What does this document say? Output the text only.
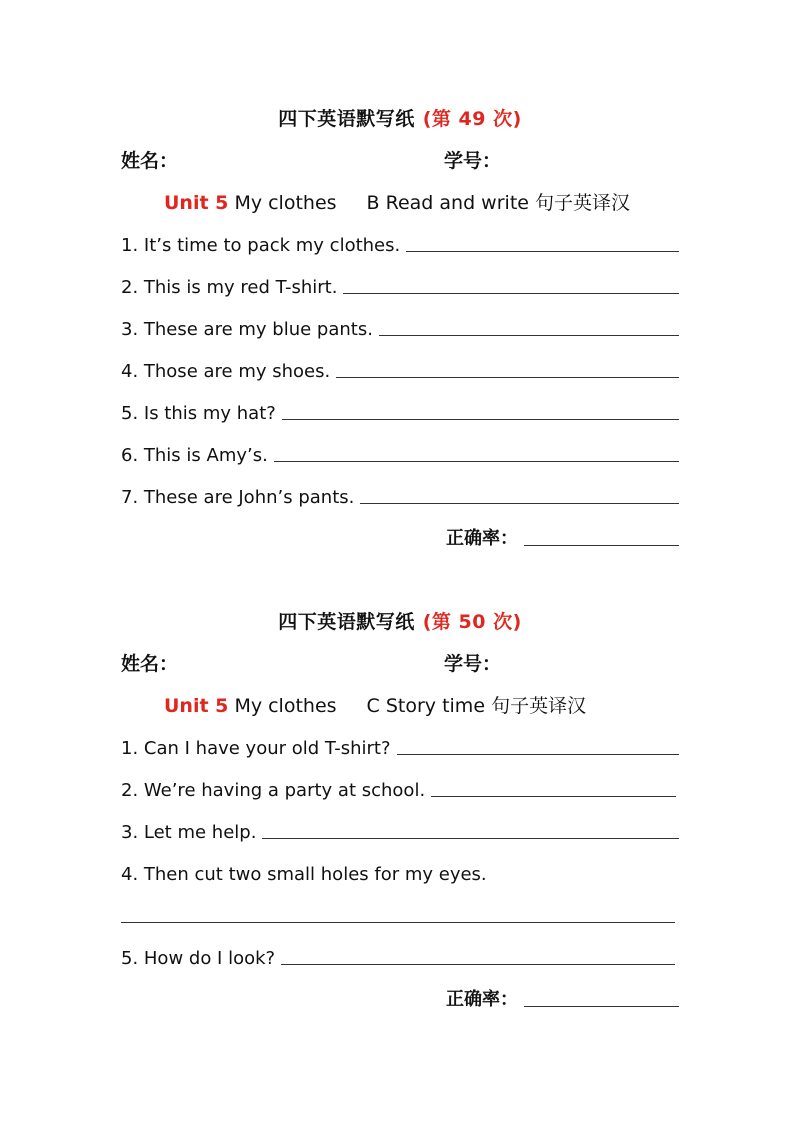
四下英语默写纸 (第 49 次)
姓名：	学号：
Unit 5 My clothes B Read and write 句子英译汉
1. It’s time to pack my clothes.
2. This is my red T-shirt.
3. These are my blue pants.
4. Those are my shoes.
5. Is this my hat?
6. This is Amy’s.
7. These are John’s pants.
正确率：
四下英语默写纸 (第 50 次)
姓名：	学号：
Unit 5 My clothes C Story time 句子英译汉
1. Can I have your old T-shirt?
2. We’re having a party at school.
3. Let me help.
4. Then cut two small holes for my eyes.
5. How do I look?
正确率：
